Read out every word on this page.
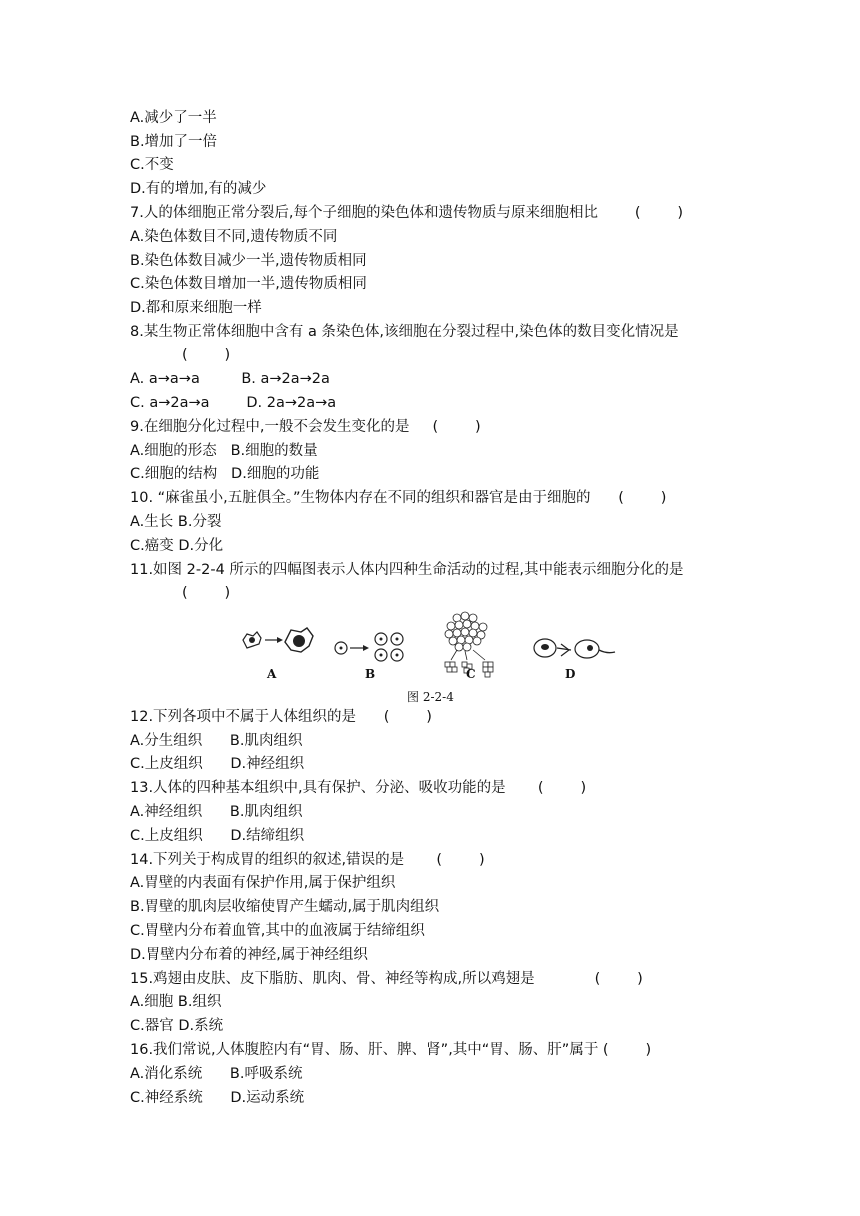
A.减少了一半
B.增加了一倍
C.不变
D.有的增加,有的减少
7.人的体细胞正常分裂后,每个子细胞的染色体和遗传物质与原来细胞相比        (        )
A.染色体数目不同,遗传物质不同
B.染色体数目减少一半,遗传物质相同
C.染色体数目增加一半,遗传物质相同
D.都和原来细胞一样
8.某生物正常体细胞中含有 a 条染色体,该细胞在分裂过程中,染色体的数目变化情况是
(        )
A. a→a→a         B. a→2a→2a
C. a→2a→a        D. 2a→2a→a
9.在细胞分化过程中,一般不会发生变化的是     (        )
A.细胞的形态   B.细胞的数量
C.细胞的结构   D.细胞的功能
10. “麻雀虽小,五脏俱全。”生物体内存在不同的组织和器官是由于细胞的      (        )
A.生长 B.分裂
C.癌变 D.分化
11.如图 2-2-4 所示的四幅图表示人体内四种生命活动的过程,其中能表示细胞分化的是
(        )
A	B	C	D
图 2-2-4
12.下列各项中不属于人体组织的是      (        )
A.分生组织      B.肌肉组织
C.上皮组织      D.神经组织
13.人体的四种基本组织中,具有保护、分泌、吸收功能的是       (        )
A.神经组织      B.肌肉组织
C.上皮组织      D.结缔组织
14.下列关于构成胃的组织的叙述,错误的是       (        )
A.胃壁的内表面有保护作用,属于保护组织
B.胃壁的肌肉层收缩使胃产生蠕动,属于肌肉组织
C.胃壁内分布着血管,其中的血液属于结缔组织
D.胃壁内分布着的神经,属于神经组织
15.鸡翅由皮肤、皮下脂肪、肌肉、骨、神经等构成,所以鸡翅是             (        )
A.细胞 B.组织
C.器官 D.系统
16.我们常说,人体腹腔内有“胃、肠、肝、脾、肾”,其中“胃、肠、肝”属于 (        )
A.消化系统      B.呼吸系统
C.神经系统      D.运动系统
